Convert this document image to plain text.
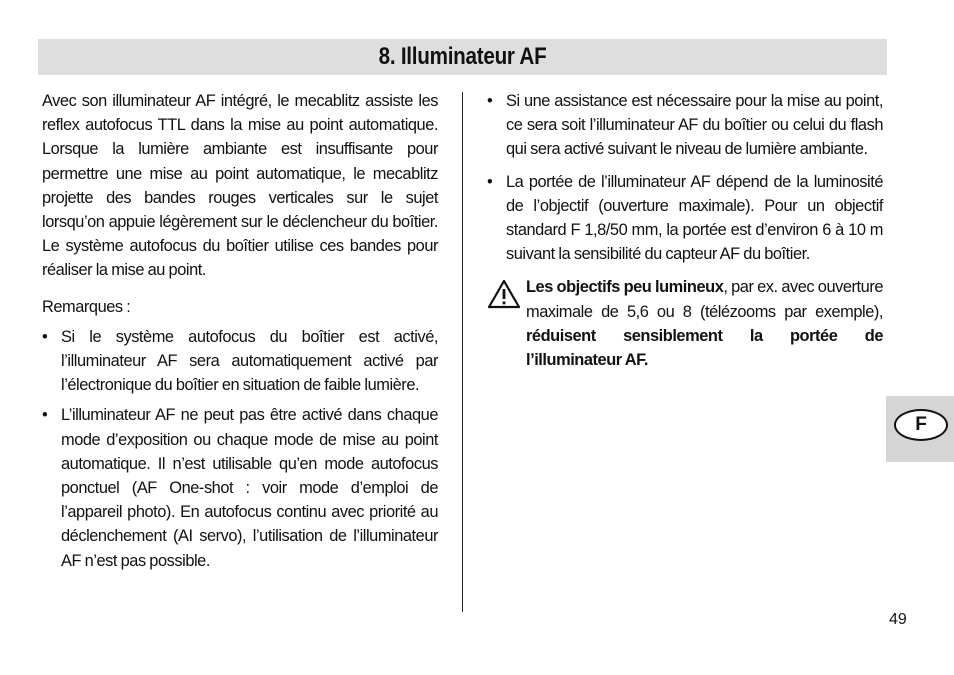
8. Illuminateur AF

Avec son illuminateur AF intégré, le mecablitz assiste les reflex autofocus TTL dans la mise au point automatique. Lorsque la lumière ambiante est insuffisante pour permettre une mise au point automatique, le mecablitz projette des bandes rouges verticales sur le sujet lorsqu’on appuie légèrement sur le déclencheur du boîtier. Le système autofocus du boîtier utilise ces bandes pour réaliser la mise au point.

Remarques :

• Si le système autofocus du boîtier est activé, l’illuminateur AF sera automatiquement activé par l’électronique du boîtier en situation de faible lumière.

• L’illuminateur AF ne peut pas être activé dans chaque mode d’exposition ou chaque mode de mise au point automatique. Il n’est utilisable qu’en mode autofocus ponctuel (AF One-shot : voir mode d’emploi de l’appareil photo). En autofocus continu avec priorité au déclenchement (AI servo), l’utilisation de l’illuminateur AF n’est pas possible.

• Si une assistance est nécessaire pour la mise au point, ce sera soit l’illuminateur AF du boîtier ou celui du flash qui sera activé suivant le niveau de lumière ambiante.

• La portée de l’illuminateur AF dépend de la luminosité de l’objectif (ouverture maximale). Pour un objectif standard F 1,8/50 mm, la portée est d’environ 6 à 10 m suivant la sensibilité du capteur AF du boîtier.

Les objectifs peu lumineux, par ex. avec ouverture maximale de 5,6 ou 8 (télézooms par exemple), réduisent sensiblement la portée de l’illuminateur AF.

F
49
